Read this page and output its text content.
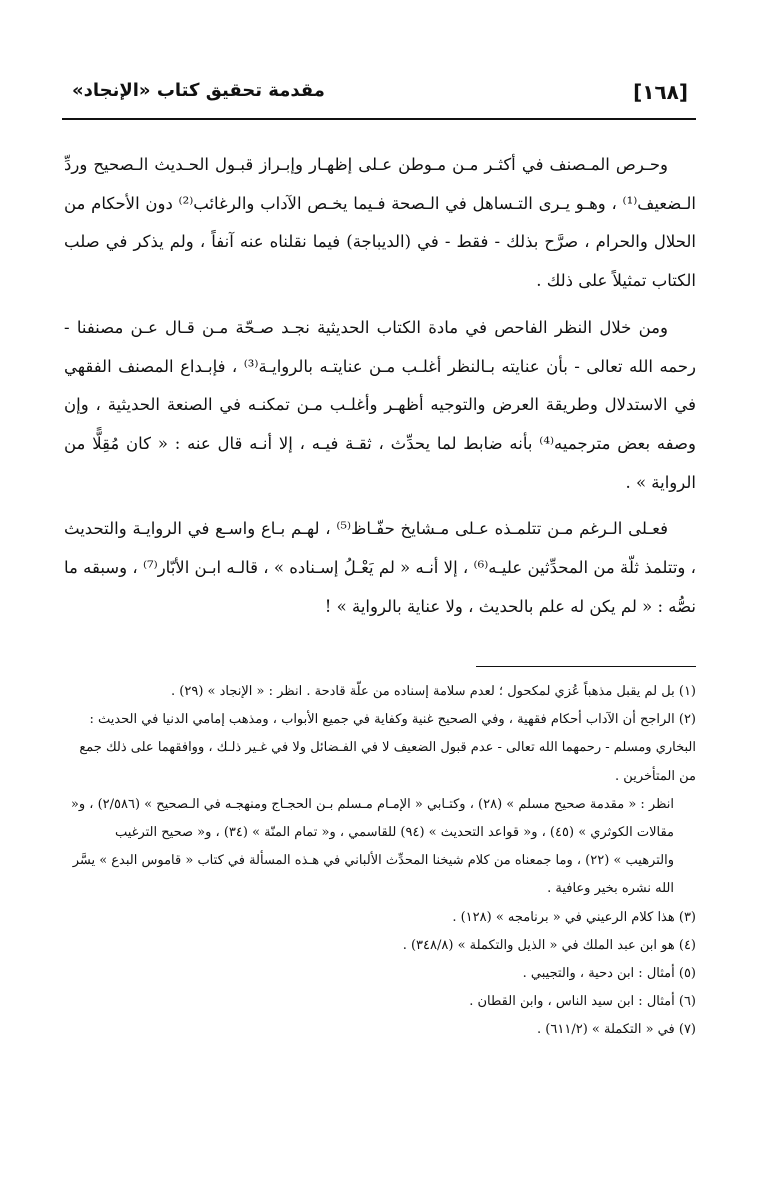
[١٦٨]
مقدمة تحقيق كتاب «الإنجاد»

وحـرص المـصنف في أكثـر مـن مـوطن عـلى إظهـار وإبـراز قبـول الحـديث الـصحيح وردِّ الـضعيف⁽¹⁾ ، وهـو يـرى التـساهل في الـصحة فـيما يخـص الآداب والرغائب⁽²⁾ دون الأحكام من الحلال والحرام ، صرَّح بذلك - فقط - في (الديباجة) فيما نقلناه عنه آنفاً ، ولم يذكر في صلب الكتاب تمثيلاً على ذلك .

ومن خلال النظر الفاحص في مادة الكتاب الحديثية نجـد صـحّة مـن قـال عـن مصنفنا - رحمه الله تعالى - بأن عنايته بـالنظر أغلـب مـن عنايتـه بالروايـة⁽³⁾ ، فإبـداع المصنف الفقهي في الاستدلال وطريقة العرض والتوجيه أظهـر وأغلـب مـن تمكنـه في الصنعة الحديثية ، وإن وصفه بعض مترجميه⁽⁴⁾ بأنه ضابط لما يحدِّث ، ثقـة فيـه ، إلا أنـه قال عنه : « كان مُقِلًّا من الرواية » .

فعـلى الـرغم مـن تتلمـذه عـلى مـشايخ حفّـاظ⁽⁵⁾ ، لهـم بـاع واسـع في الروايـة والتحديث ، وتتلمذ ثلّة من المحدِّثين عليـه⁽⁶⁾ ، إلا أنـه « لم يَعْـلُ إسـناده » ، قالـه ابـن الأبّار⁽⁷⁾ ، وسبقه ما نصُّه : « لم يكن له علم بالحديث ، ولا عناية بالرواية » !

(١) بل لم يقبل مذهباً عُزي لمكحول ؛ لعدم سلامة إسناده من علّة قادحة . انظر : « الإنجاد » (٢٩) .

(٢) الراجح أن الآداب أحكام فقهية ، وفي الصحيح غنية وكفاية في جميع الأبواب ، ومذهب إمامي الدنيا في الحديث : البخاري ومسلم - رحمهما الله تعالى - عدم قبول الضعيف لا في الفـضائل ولا في غـير ذلـك ، ووافقهما على ذلك جمع من المتأخرين .

انظر : « مقدمة صحيح مسلم » (٢٨) ، وكتـابي « الإمـام مـسلم بـن الحجـاج ومنهجـه في الـصحيح » (٢/٥٨٦) ، و« مقالات الكوثري » (٤٥) ، و« قواعد التحديث » (٩٤) للقاسمي ، و« تمام المنّة » (٣٤) ، و« صحيح الترغيب والترهيب » (٢٢) ، وما جمعناه من كلام شيخنا المحدِّث الألباني في هـذه المسألة في كتاب « قاموس البدع » يسَّر الله نشره بخير وعافية .

(٣) هذا كلام الرعيني في « برنامجه » (١٢٨) .

(٤) هو ابن عبد الملك في « الذيل والتكملة » (٣٤٨/٨) .

(٥) أمثال : ابن دحية ، والتجيبي .

(٦) أمثال : ابن سيد الناس ، وابن القطان .

(٧) في « التكملة » (٦١١/٢) .
